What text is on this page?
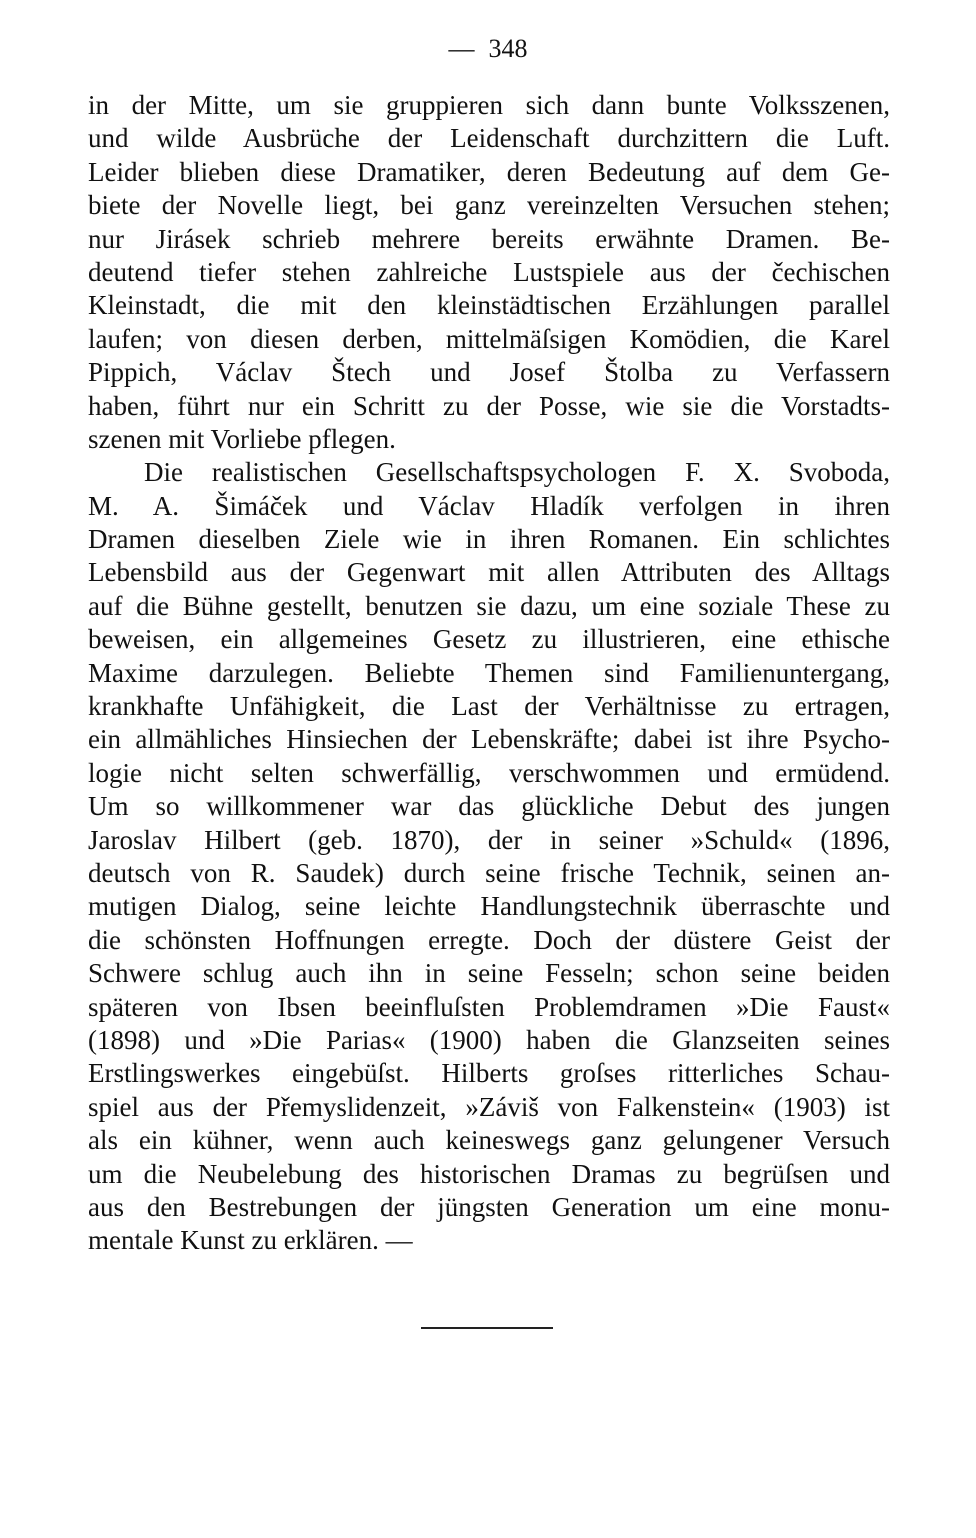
— 348
in der Mitte, um sie gruppieren sich dann bunte Volksszenen,
und wilde Ausbrüche der Leidenschaft durchzittern die Luft.
Leider blieben diese Dramatiker, deren Bedeutung auf dem Ge-
biete der Novelle liegt, bei ganz vereinzelten Versuchen stehen;
nur Jirásek schrieb mehrere bereits erwähnte Dramen. Be-
deutend tiefer stehen zahlreiche Lustspiele aus der čechischen
Kleinstadt, die mit den kleinstädtischen Erzählungen parallel
laufen; von diesen derben, mittelmäſsigen Komödien, die Karel
Pippich, Václav Štech und Josef Štolba zu Verfassern
haben, führt nur ein Schritt zu der Posse, wie sie die Vorstadts-
szenen mit Vorliebe pflegen.
Die realistischen Gesellschaftspsychologen F. X. Svoboda,
M. A. Šimáček und Václav Hladík verfolgen in ihren
Dramen dieselben Ziele wie in ihren Romanen. Ein schlichtes
Lebensbild aus der Gegenwart mit allen Attributen des Alltags
auf die Bühne gestellt, benutzen sie dazu, um eine soziale These zu
beweisen, ein allgemeines Gesetz zu illustrieren, eine ethische
Maxime darzulegen. Beliebte Themen sind Familienuntergang,
krankhafte Unfähigkeit, die Last der Verhältnisse zu ertragen,
ein allmähliches Hinsiechen der Lebenskräfte; dabei ist ihre Psycho-
logie nicht selten schwerfällig, verschwommen und ermüdend.
Um so willkommener war das glückliche Debut des jungen
Jaroslav Hilbert (geb. 1870), der in seiner »Schuld« (1896,
deutsch von R. Saudek) durch seine frische Technik, seinen an-
mutigen Dialog, seine leichte Handlungstechnik überraschte und
die schönsten Hoffnungen erregte. Doch der düstere Geist der
Schwere schlug auch ihn in seine Fesseln; schon seine beiden
späteren von Ibsen beeinfluſsten Problemdramen »Die Faust«
(1898) und »Die Parias« (1900) haben die Glanzseiten seines
Erstlingswerkes eingebüſst. Hilberts groſses ritterliches Schau-
spiel aus der Přemyslidenzeit, »Záviš von Falkenstein« (1903) ist
als ein kühner, wenn auch keineswegs ganz gelungener Versuch
um die Neubelebung des historischen Dramas zu begrüſsen und
aus den Bestrebungen der jüngsten Generation um eine monu-
mentale Kunst zu erklären. —
